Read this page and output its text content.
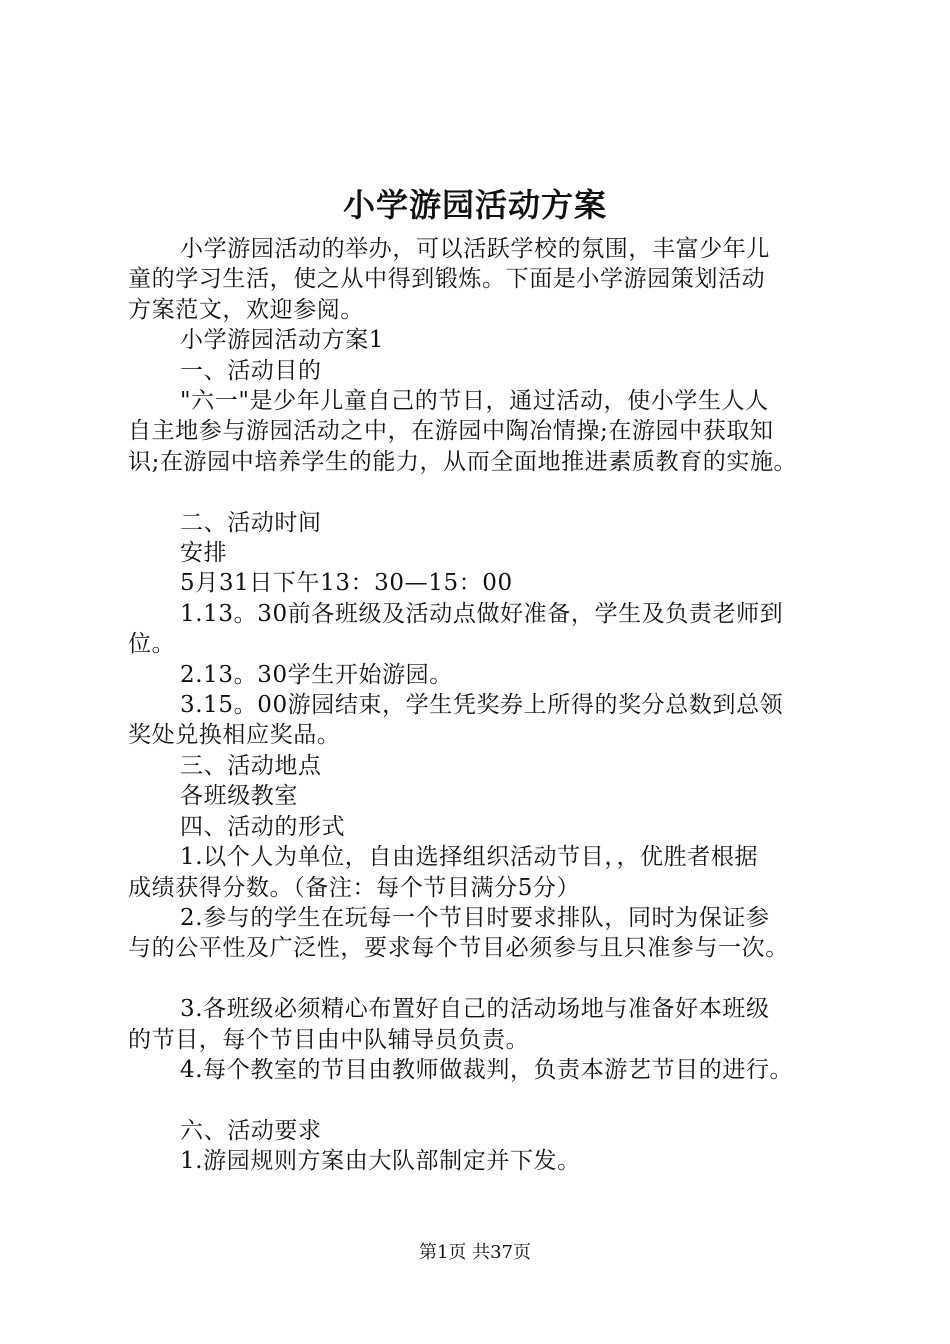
小学游园活动方案

小学游园活动的举办，可以活跃学校的氛围，丰富少年儿

童的学习生活，使之从中得到锻炼。下面是小学游园策划活动

方案范文，欢迎参阅。

小学游园活动方案1

一、活动目的

"六一"是少年儿童自己的节日，通过活动，使小学生人人

自主地参与游园活动之中，在游园中陶冶情操;在游园中获取知

识;在游园中培养学生的能力，从而全面地推进素质教育的实施。

二、活动时间

安排

5月31日下午13：30—15：00

1.13。30前各班级及活动点做好准备，学生及负责老师到

位。

2.13。30学生开始游园。

3.15。00游园结束，学生凭奖券上所得的奖分总数到总领

奖处兑换相应奖品。

三、活动地点

各班级教室

四、活动的形式

1.以个人为单位，自由选择组织活动节目，，优胜者根据

成绩获得分数。（备注：每个节目满分5分）

2.参与的学生在玩每一个节目时要求排队，同时为保证参

与的公平性及广泛性，要求每个节目必须参与且只准参与一次。

3.各班级必须精心布置好自己的活动场地与准备好本班级

的节目，每个节目由中队辅导员负责。

4.每个教室的节目由教师做裁判，负责本游艺节目的进行。

六、活动要求

1.游园规则方案由大队部制定并下发。

第1页 共37页
